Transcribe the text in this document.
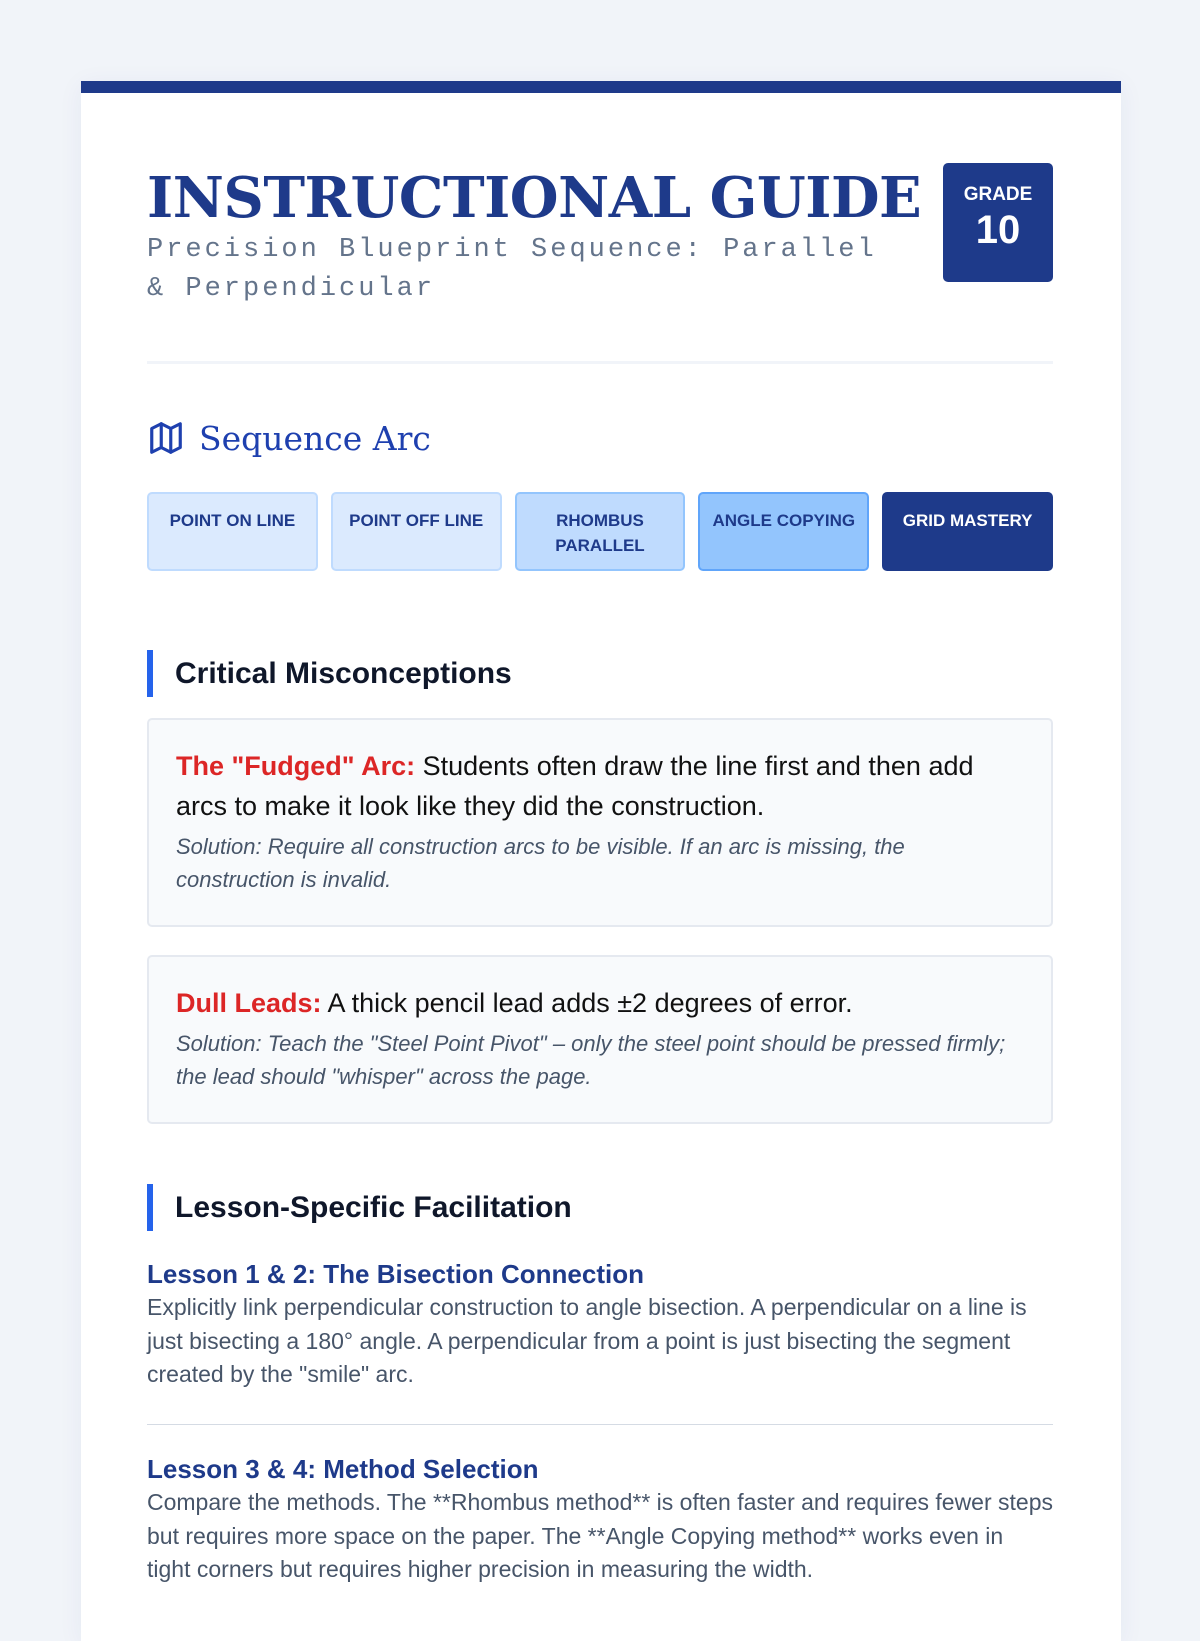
INSTRUCTIONAL GUIDE

Precision Blueprint Sequence: Parallel & Perpendicular

GRADE
10
Sequence Arc
POINT ON LINE	POINT OFF LINE	RHOMBUS PARALLEL
ANGLE COPYING	GRID MASTERY
Critical Misconceptions

The "Fudged" Arc: Students often draw the line first and then add arcs to make it look like they did the construction.

Solution: Require all construction arcs to be visible. If an arc is missing, the construction is invalid.

Dull Leads: A thick pencil lead adds ±2 degrees of error.

Solution: Teach the "Steel Point Pivot" – only the steel point should be pressed firmly; the lead should "whisper" across the page.

Lesson-Specific Facilitation
Lesson 1 & 2: The Bisection Connection

Explicitly link perpendicular construction to angle bisection. A perpendicular on a line is just bisecting a 180° angle. A perpendicular from a point is just bisecting the segment created by the "smile" arc.

Lesson 3 & 4: Method Selection

Compare the methods. The **Rhombus method** is often faster and requires fewer steps but requires more space on the paper. The **Angle Copying method** works even in tight corners but requires higher precision in measuring the width.
